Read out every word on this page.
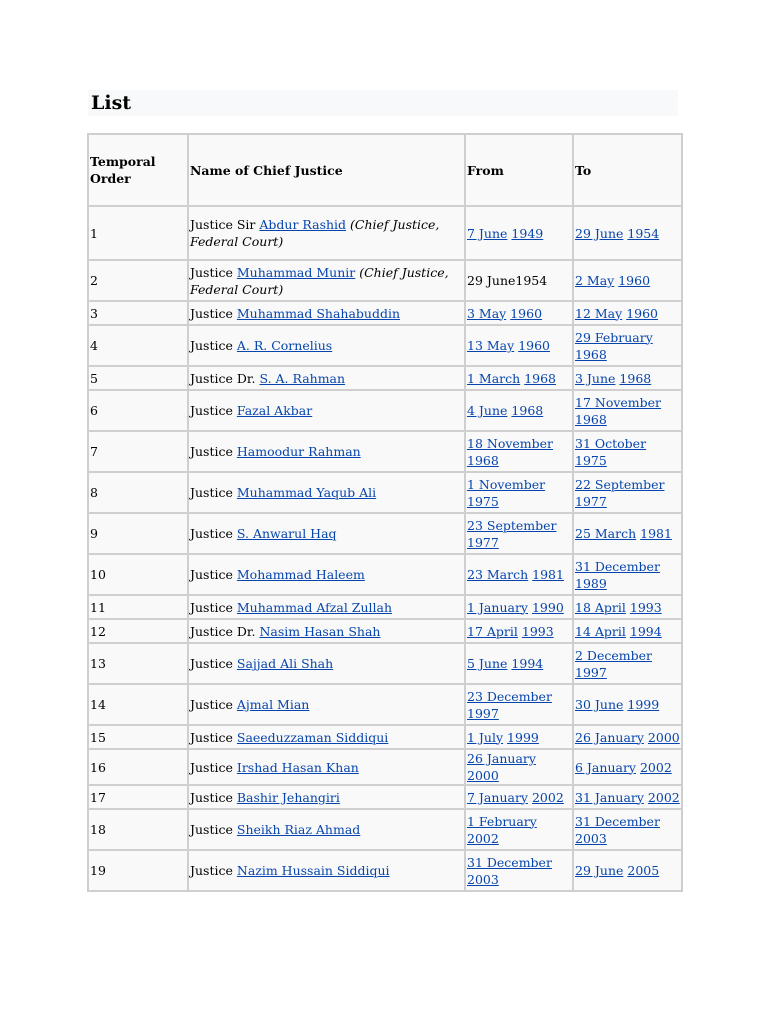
List
Temporal Order	Name of Chief Justice	From	To
1	Justice Sir Abdur Rashid (Chief Justice, Federal Court)	7 June 1949	29 June 1954
2	Justice Muhammad Munir (Chief Justice, Federal Court)	29 June1954	2 May 1960
3	Justice Muhammad Shahabuddin	3 May 1960	12 May 1960
4	Justice A. R. Cornelius	13 May 1960	29 February 1968
5	Justice Dr. S. A. Rahman	1 March 1968	3 June 1968
6	Justice Fazal Akbar	4 June 1968	17 November 1968
7	Justice Hamoodur Rahman	18 November 1968	31 October 1975
8	Justice Muhammad Yaqub Ali	1 November 1975	22 September 1977
9	Justice S. Anwarul Haq	23 September 1977	25 March 1981
10	Justice Mohammad Haleem	23 March 1981	31 December 1989
11	Justice Muhammad Afzal Zullah	1 January 1990	18 April 1993
12	Justice Dr. Nasim Hasan Shah	17 April 1993	14 April 1994
13	Justice Sajjad Ali Shah	5 June 1994	2 December 1997
14	Justice Ajmal Mian	23 December 1997	30 June 1999
15	Justice Saeeduzzaman Siddiqui	1 July 1999	26 January 2000
16	Justice Irshad Hasan Khan	26 January 2000	6 January 2002
17	Justice Bashir Jehangiri	7 January 2002	31 January 2002
18	Justice Sheikh Riaz Ahmad	1 February 2002	31 December 2003
19	Justice Nazim Hussain Siddiqui	31 December 2003	29 June 2005
